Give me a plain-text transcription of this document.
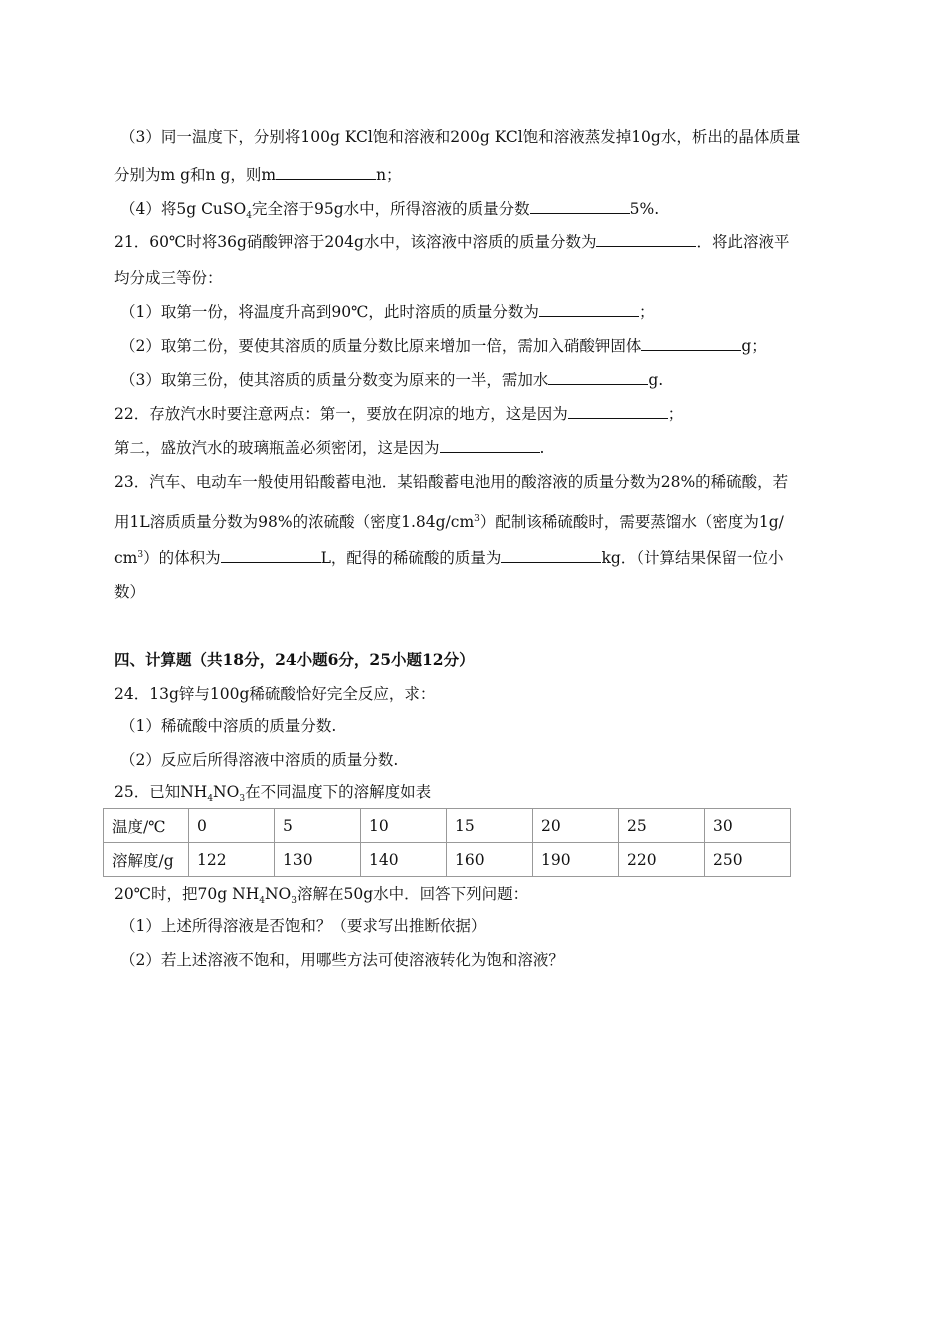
（3）同一温度下，分别将100g KCl饱和溶液和200g KCl饱和溶液蒸发掉10g水，析出的晶体质量
分别为m g和n g，则m	n；
（4）将5g CuSO$_4$完全溶于95g水中，所得溶液的质量分数	5%.
21．60℃时将36g硝酸钾溶于204g水中，该溶液中溶质的质量分数为	．将此溶液平
均分成三等份：
（1）取第一份，将温度升高到90℃，此时溶质的质量分数为	；
（2）取第二份，要使其溶质的质量分数比原来增加一倍，需加入硝酸钾固体	g；
（3）取第三份，使其溶质的质量分数变为原来的一半，需加水	g.
22．存放汽水时要注意两点：第一，要放在阴凉的地方，这是因为	；
第二，盛放汽水的玻璃瓶盖必须密闭，这是因为	.
23．汽车、电动车一般使用铅酸蓄电池．某铅酸蓄电池用的酸溶液的质量分数为28%的稀硫酸，若
用1L溶质质量分数为98%的浓硫酸（密度$1.84g/cm^3$）配制该稀硫酸时，需要蒸馏水（密度为1g/
$cm^3$）的体积为	L，配得的稀硫酸的质量为	kg．（计算结果保留一位小
数）
四、计算题（共18分，24小题6分，25小题12分）
24．13g锌与100g稀硫酸恰好完全反应，求：
（1）稀硫酸中溶质的质量分数.
（2）反应后所得溶液中溶质的质量分数.
25．已知$NH_4NO_3$在不同温度下的溶解度如表
温度/℃	0	5	10	15	20	25	30
溶解度/g	122	130	140	160	190	220	250
20℃时，把70g $NH_4NO_3$溶解在50g水中．回答下列问题：
（1）上述所得溶液是否饱和？（要求写出推断依据）
（2）若上述溶液不饱和，用哪些方法可使溶液转化为饱和溶液？
